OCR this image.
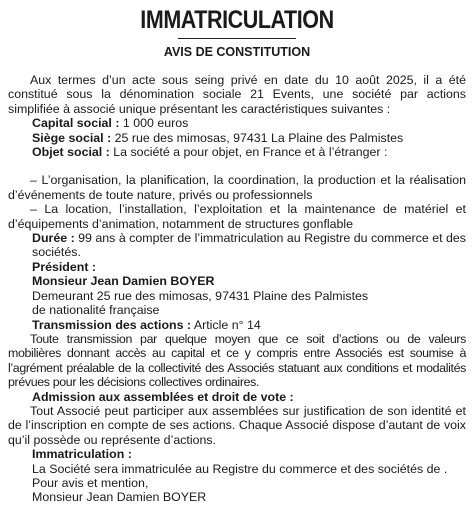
IMMATRICULATION
AVIS DE CONSTITUTION

Aux termes d’un acte sous seing privé en date du 10 août 2025, il a été constitué sous la dénomination sociale 21 Events, une société par actions simplifiée à associé unique présentant les caractéristiques suivantes :

Capital social : 1 000 euros

Siège social : 25 rue des mimosas, 97431 La Plaine des Palmistes

Objet social : La société a pour objet, en France et à l’étranger :

– L’organisation, la planification, la coordination, la production et la réalisation d’événements de toute nature, privés ou professionnels

– La location, l’installation, l’exploitation et la maintenance de matériel et d’équipements d’animation, notamment de structures gonflable

Durée : 99 ans à compter de l’immatriculation au Registre du commerce et des sociétés.

Président :

Monsieur Jean Damien BOYER

Demeurant 25 rue des mimosas, 97431 Plaine des Palmistes

de nationalité française

Transmission des actions : Article n° 14

Toute transmission par quelque moyen que ce soit d’actions ou de valeurs mobilières donnant accès au capital et ce y compris entre Associés est soumise à l’agrément préalable de la collectivité des Associés statuant aux conditions et modalités prévues pour les décisions collectives ordinaires.

Admission aux assemblées et droit de vote :

Tout Associé peut participer aux assemblées sur justification de son identité et de l’inscription en compte de ses actions. Chaque Associé dispose d’autant de voix qu’il possède ou représente d’actions.

Immatriculation :

La Société sera immatriculée au Registre du commerce et des sociétés de .

Pour avis et mention,

Monsieur Jean Damien BOYER
